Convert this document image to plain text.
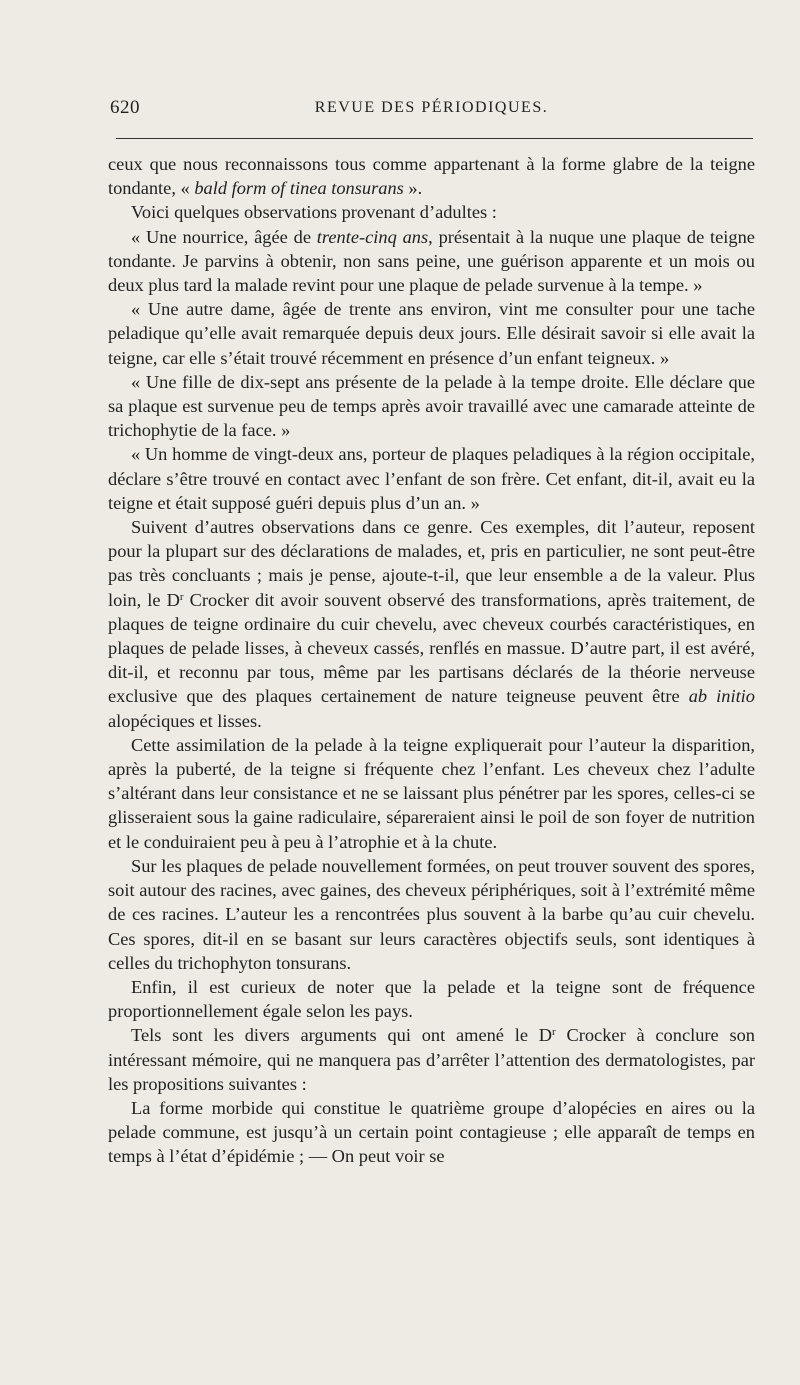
620	REVUE DES PÉRIODIQUES.

ceux que nous reconnaissons tous comme appartenant à la forme glabre de la teigne tondante, « bald form of tinea tonsurans ».

Voici quelques observations provenant d’adultes :

« Une nourrice, âgée de trente-cinq ans, présentait à la nuque une plaque de teigne tondante. Je parvins à obtenir, non sans peine, une guérison apparente et un mois ou deux plus tard la malade revint pour une plaque de pelade survenue à la tempe. »

« Une autre dame, âgée de trente ans environ, vint me consulter pour une tache peladique qu’elle avait remarquée depuis deux jours. Elle désirait savoir si elle avait la teigne, car elle s’était trouvé récemment en présence d’un enfant teigneux. »

« Une fille de dix-sept ans présente de la pelade à la tempe droite. Elle déclare que sa plaque est survenue peu de temps après avoir travaillé avec une camarade atteinte de trichophytie de la face. »

« Un homme de vingt-deux ans, porteur de plaques peladiques à la région occipitale, déclare s’être trouvé en contact avec l’enfant de son frère. Cet enfant, dit-il, avait eu la teigne et était supposé guéri depuis plus d’un an. »

Suivent d’autres observations dans ce genre. Ces exemples, dit l’auteur, reposent pour la plupart sur des déclarations de malades, et, pris en particulier, ne sont peut-être pas très concluants ; mais je pense, ajoute-t-il, que leur ensemble a de la valeur. Plus loin, le $D^r$ Crocker dit avoir souvent observé des transformations, après traitement, de plaques de teigne ordinaire du cuir chevelu, avec cheveux courbés caractéristiques, en plaques de pelade lisses, à cheveux cassés, renflés en massue. D’autre part, il est avéré, dit-il, et reconnu par tous, même par les partisans déclarés de la théorie nerveuse exclusive que des plaques certainement de nature teigneuse peuvent être ab initio alopéciques et lisses.

Cette assimilation de la pelade à la teigne expliquerait pour l’auteur la disparition, après la puberté, de la teigne si fréquente chez l’enfant. Les cheveux chez l’adulte s’altérant dans leur consistance et ne se laissant plus pénétrer par les spores, celles-ci se glisseraient sous la gaine radiculaire, sépareraient ainsi le poil de son foyer de nutrition et le conduiraient peu à peu à l’atrophie et à la chute.

Sur les plaques de pelade nouvellement formées, on peut trouver souvent des spores, soit autour des racines, avec gaines, des cheveux périphériques, soit à l’extrémité même de ces racines. L’auteur les a rencontrées plus souvent à la barbe qu’au cuir chevelu. Ces spores, dit-il en se basant sur leurs caractères objectifs seuls, sont identiques à celles du trichophyton tonsurans.

Enfin, il est curieux de noter que la pelade et la teigne sont de fréquence proportionnellement égale selon les pays.

Tels sont les divers arguments qui ont amené le $D^r$ Crocker à conclure son intéressant mémoire, qui ne manquera pas d’arrêter l’attention des dermatologistes, par les propositions suivantes :

La forme morbide qui constitue le quatrième groupe d’alopécies en aires ou la pelade commune, est jusqu’à un certain point contagieuse ; elle apparaît de temps en temps à l’état d’épidémie ; — On peut voir se
